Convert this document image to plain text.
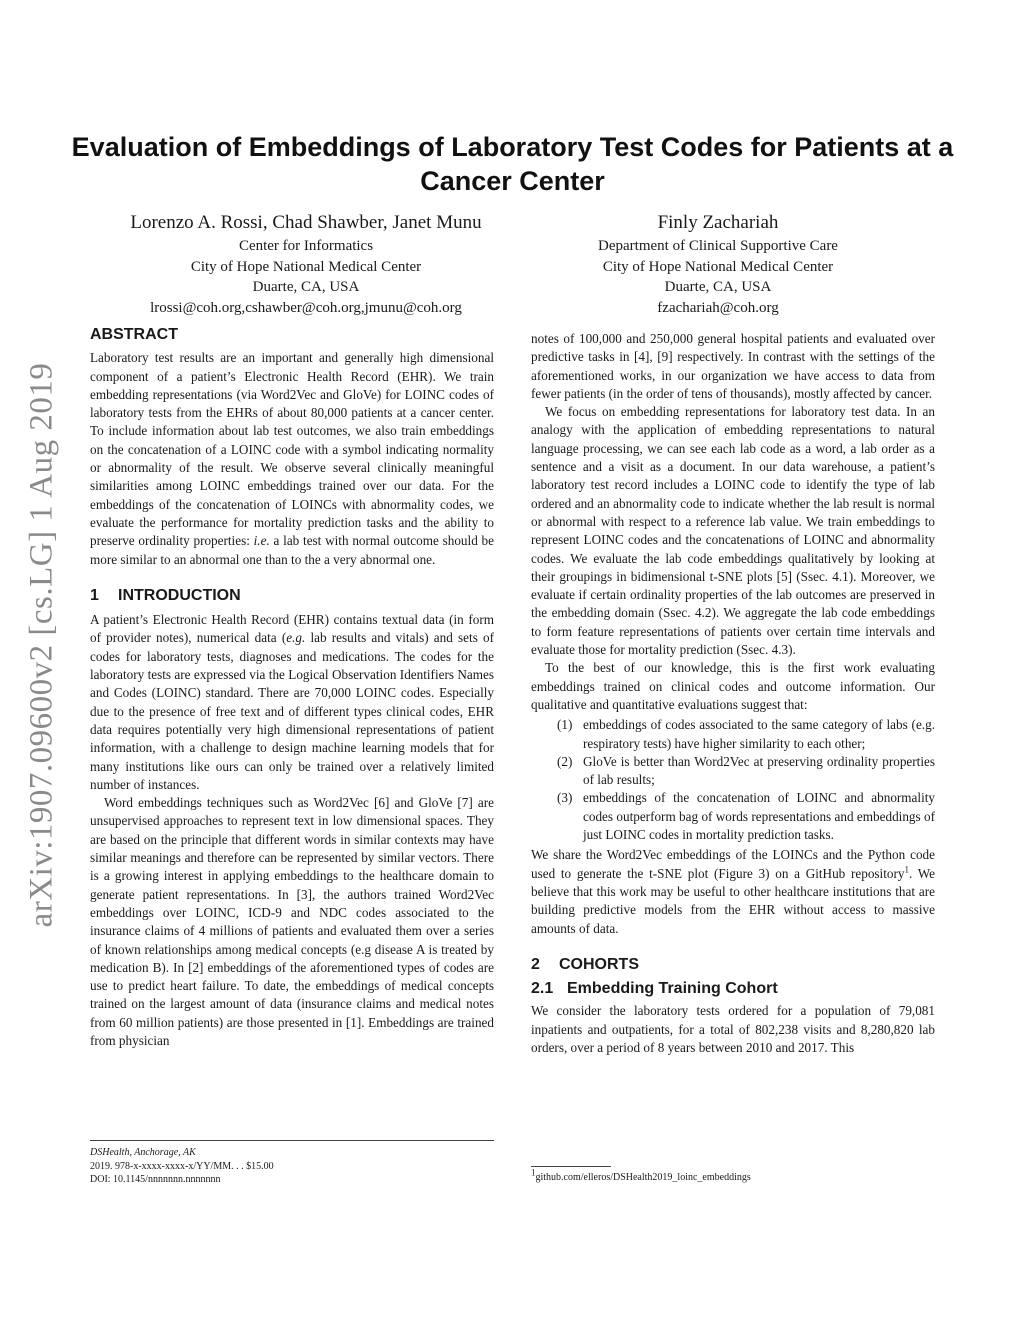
arXiv:1907.09600v2 [cs.LG] 1 Aug 2019
Evaluation of Embeddings of Laboratory Test Codes for Patients at a Cancer Center
Lorenzo A. Rossi, Chad Shawber, Janet Munu
Center for Informatics
City of Hope National Medical Center
Duarte, CA, USA
lrossi@coh.org,cshawber@coh.org,jmunu@coh.org
Finly Zachariah
Department of Clinical Supportive Care
City of Hope National Medical Center
Duarte, CA, USA
fzachariah@coh.org
ABSTRACT

Laboratory test results are an important and generally high dimensional component of a patient’s Electronic Health Record (EHR). We train embedding representations (via Word2Vec and GloVe) for LOINC codes of laboratory tests from the EHRs of about 80,000 patients at a cancer center. To include information about lab test outcomes, we also train embeddings on the concatenation of a LOINC code with a symbol indicating normality or abnormality of the result. We observe several clinically meaningful similarities among LOINC embeddings trained over our data. For the embeddings of the concatenation of LOINCs with abnormality codes, we evaluate the performance for mortality prediction tasks and the ability to preserve ordinality properties: i.e. a lab test with normal outcome should be more similar to an abnormal one than to the a very abnormal one.

1 INTRODUCTION

A patient’s Electronic Health Record (EHR) contains textual data (in form of provider notes), numerical data (e.g. lab results and vitals) and sets of codes for laboratory tests, diagnoses and medications. The codes for the laboratory tests are expressed via the Logical Observation Identifiers Names and Codes (LOINC) standard. There are 70,000 LOINC codes. Especially due to the presence of free text and of different types clinical codes, EHR data requires potentially very high dimensional representations of patient information, with a challenge to design machine learning models that for many institutions like ours can only be trained over a relatively limited number of instances.

Word embeddings techniques such as Word2Vec [6] and GloVe [7] are unsupervised approaches to represent text in low dimensional spaces. They are based on the principle that different words in similar contexts may have similar meanings and therefore can be represented by similar vectors. There is a growing interest in applying embeddings to the healthcare domain to generate patient representations. In [3], the authors trained Word2Vec embeddings over LOINC, ICD-9 and NDC codes associated to the insurance claims of 4 millions of patients and evaluated them over a series of known relationships among medical concepts (e.g disease A is treated by medication B). In [2] embeddings of the aforementioned types of codes are use to predict heart failure. To date, the embeddings of medical concepts trained on the largest amount of data (insurance claims and medical notes from 60 million patients) are those presented in [1]. Embeddings are trained from physician

notes of 100,000 and 250,000 general hospital patients and evaluated over predictive tasks in [4], [9] respectively. In contrast with the settings of the aforementioned works, in our organization we have access to data from fewer patients (in the order of tens of thousands), mostly affected by cancer.

We focus on embedding representations for laboratory test data. In an analogy with the application of embedding representations to natural language processing, we can see each lab code as a word, a lab order as a sentence and a visit as a document. In our data warehouse, a patient’s laboratory test record includes a LOINC code to identify the type of lab ordered and an abnormality code to indicate whether the lab result is normal or abnormal with respect to a reference lab value. We train embeddings to represent LOINC codes and the concatenations of LOINC and abnormality codes. We evaluate the lab code embeddings qualitatively by looking at their groupings in bidimensional t-SNE plots [5] (Ssec. 4.1). Moreover, we evaluate if certain ordinality properties of the lab outcomes are preserved in the embedding domain (Ssec. 4.2). We aggregate the lab code embeddings to form feature representations of patients over certain time intervals and evaluate those for mortality prediction (Ssec. 4.3).

To the best of our knowledge, this is the first work evaluating embeddings trained on clinical codes and outcome information. Our qualitative and quantitative evaluations suggest that:

(1) embeddings of codes associated to the same category of labs (e.g. respiratory tests) have higher similarity to each other;
(2) GloVe is better than Word2Vec at preserving ordinality properties of lab results;
(3) embeddings of the concatenation of LOINC and abnormality codes outperform bag of words representations and embeddings of just LOINC codes in mortality prediction tasks.

We share the Word2Vec embeddings of the LOINCs and the Python code used to generate the t-SNE plot (Figure 3) on a GitHub repository$^1$. We believe that this work may be useful to other healthcare institutions that are building predictive models from the EHR without access to massive amounts of data.

2 COHORTS
2.1 Embedding Training Cohort

We consider the laboratory tests ordered for a population of 79,081 inpatients and outpatients, for a total of 802,238 visits and 8,280,820 lab orders, over a period of 8 years between 2010 and 2017. This

DSHealth, Anchorage, AK
2019. 978-x-xxxx-xxxx-x/YY/MM. . . $15.00
DOI: 10.1145/nnnnnnn.nnnnnnn
$^1$github.com/elleros/DSHealth2019_loinc_embeddings
